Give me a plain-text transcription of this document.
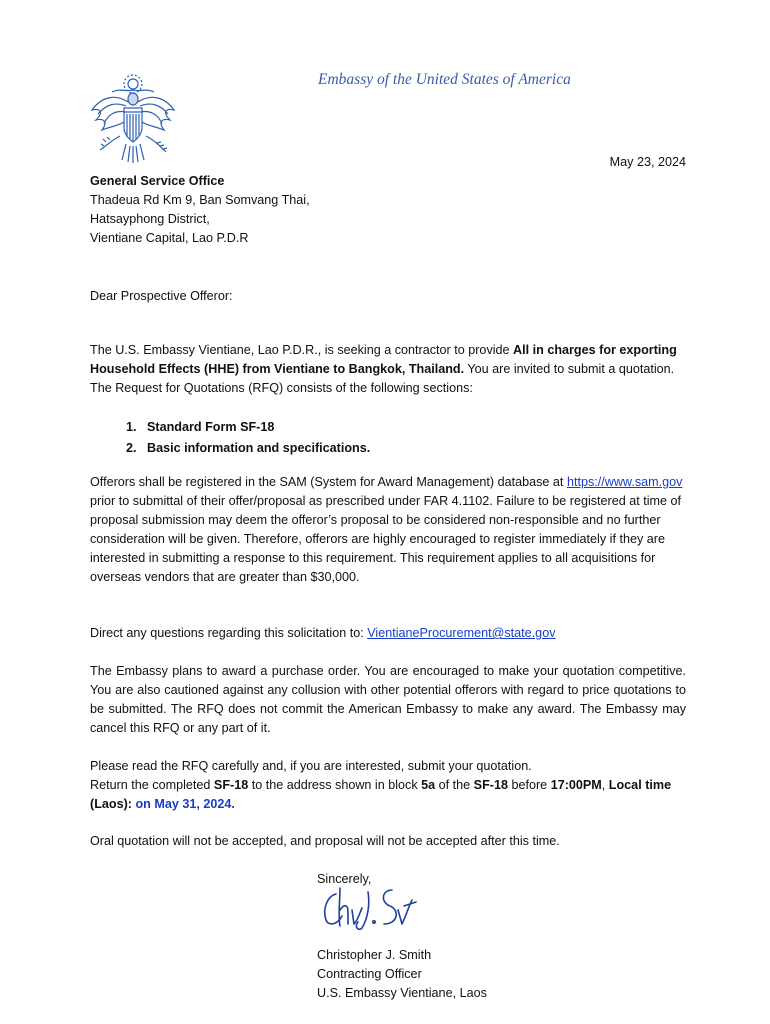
Embassy of the United States of America
May 23, 2024
General Service Office
Thadeua Rd Km 9, Ban Somvang Thai,
Hatsayphong District,
Vientiane Capital, Lao P.D.R
Dear Prospective Offeror:
The U.S. Embassy Vientiane, Lao P.D.R., is seeking a contractor to provide All in charges for exporting Household Effects (HHE) from Vientiane to Bangkok, Thailand. You are invited to submit a quotation. The Request for Quotations (RFQ) consists of the following sections:
1. Standard Form SF-18
2. Basic information and specifications.
Offerors shall be registered in the SAM (System for Award Management) database at https://www.sam.gov prior to submittal of their offer/proposal as prescribed under FAR 4.1102. Failure to be registered at time of proposal submission may deem the offeror’s proposal to be considered non-responsible and no further consideration will be given. Therefore, offerors are highly encouraged to register immediately if they are interested in submitting a response to this requirement. This requirement applies to all acquisitions for overseas vendors that are greater than $30,000.
Direct any questions regarding this solicitation to: VientianeProcurement@state.gov
The Embassy plans to award a purchase order. You are encouraged to make your quotation competitive. You are also cautioned against any collusion with other potential offerors with regard to price quotations to be submitted. The RFQ does not commit the American Embassy to make any award. The Embassy may cancel this RFQ or any part of it.
Please read the RFQ carefully and, if you are interested, submit your quotation.
Return the completed SF-18 to the address shown in block 5a of the SF-18 before 17:00PM, Local time (Laos): on May 31, 2024.
Oral quotation will not be accepted, and proposal will not be accepted after this time.
Sincerely,
Christopher J. Smith
Contracting Officer
U.S. Embassy Vientiane, Laos
